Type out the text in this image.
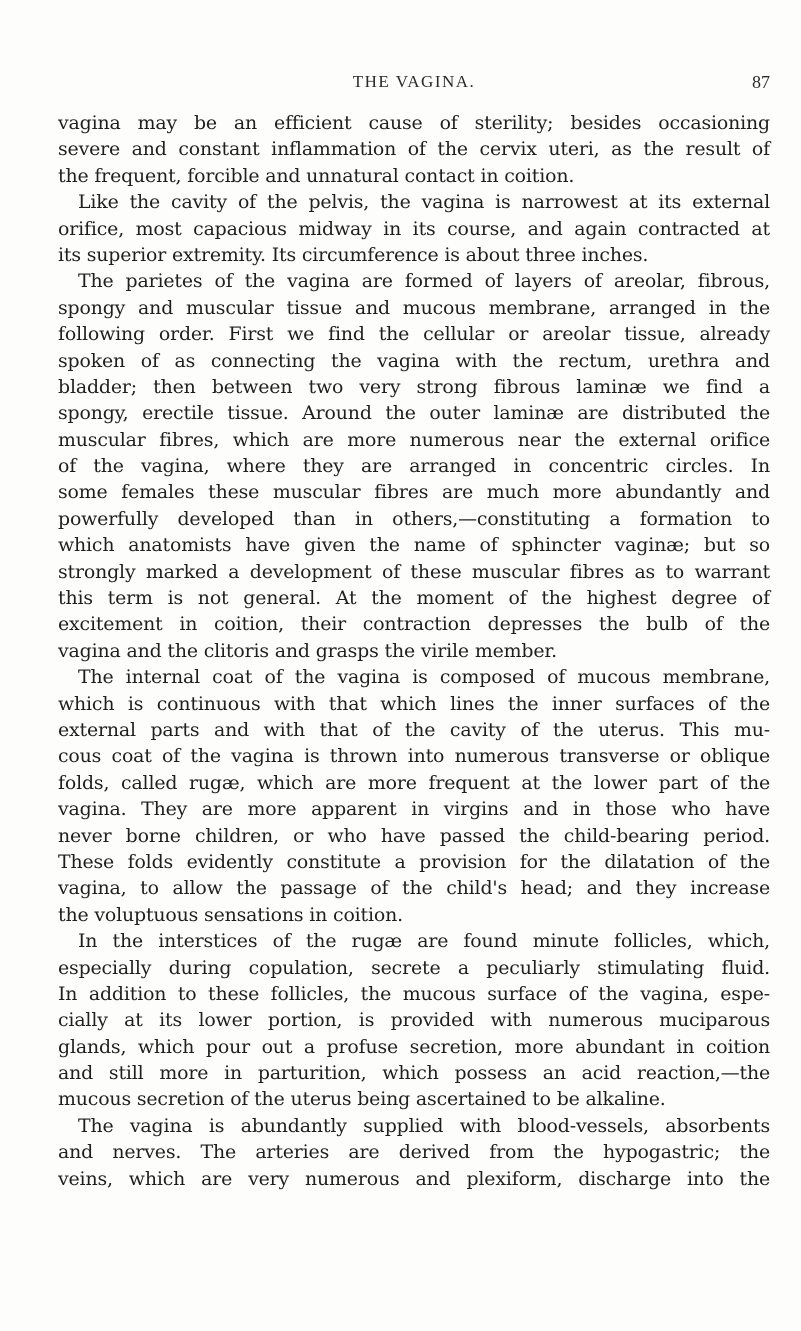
THE VAGINA.	87
vagina may be an efficient cause of sterility; besides occasioning
severe and constant inflammation of the cervix uteri, as the result of
the frequent, forcible and unnatural contact in coition.
Like the cavity of the pelvis, the vagina is narrowest at its external
orifice, most capacious midway in its course, and again contracted at
its superior extremity. Its circumference is about three inches.
The parietes of the vagina are formed of layers of areolar, fibrous,
spongy and muscular tissue and mucous membrane, arranged in the
following order. First we find the cellular or areolar tissue, already
spoken of as connecting the vagina with the rectum, urethra and
bladder; then between two very strong fibrous laminæ we find a
spongy, erectile tissue. Around the outer laminæ are distributed the
muscular fibres, which are more numerous near the external orifice
of the vagina, where they are arranged in concentric circles. In
some females these muscular fibres are much more abundantly and
powerfully developed than in others,—constituting a formation to
which anatomists have given the name of sphincter vaginæ; but so
strongly marked a development of these muscular fibres as to warrant
this term is not general. At the moment of the highest degree of
excitement in coition, their contraction depresses the bulb of the
vagina and the clitoris and grasps the virile member.
The internal coat of the vagina is composed of mucous membrane,
which is continuous with that which lines the inner surfaces of the
external parts and with that of the cavity of the uterus. This mu-
cous coat of the vagina is thrown into numerous transverse or oblique
folds, called rugæ, which are more frequent at the lower part of the
vagina. They are more apparent in virgins and in those who have
never borne children, or who have passed the child-bearing period.
These folds evidently constitute a provision for the dilatation of the
vagina, to allow the passage of the child's head; and they increase
the voluptuous sensations in coition.
In the interstices of the rugæ are found minute follicles, which,
especially during copulation, secrete a peculiarly stimulating fluid.
In addition to these follicles, the mucous surface of the vagina, espe-
cially at its lower portion, is provided with numerous muciparous
glands, which pour out a profuse secretion, more abundant in coition
and still more in parturition, which possess an acid reaction,—the
mucous secretion of the uterus being ascertained to be alkaline.
The vagina is abundantly supplied with blood-vessels, absorbents
and nerves. The arteries are derived from the hypogastric; the
veins, which are very numerous and plexiform, discharge into the
